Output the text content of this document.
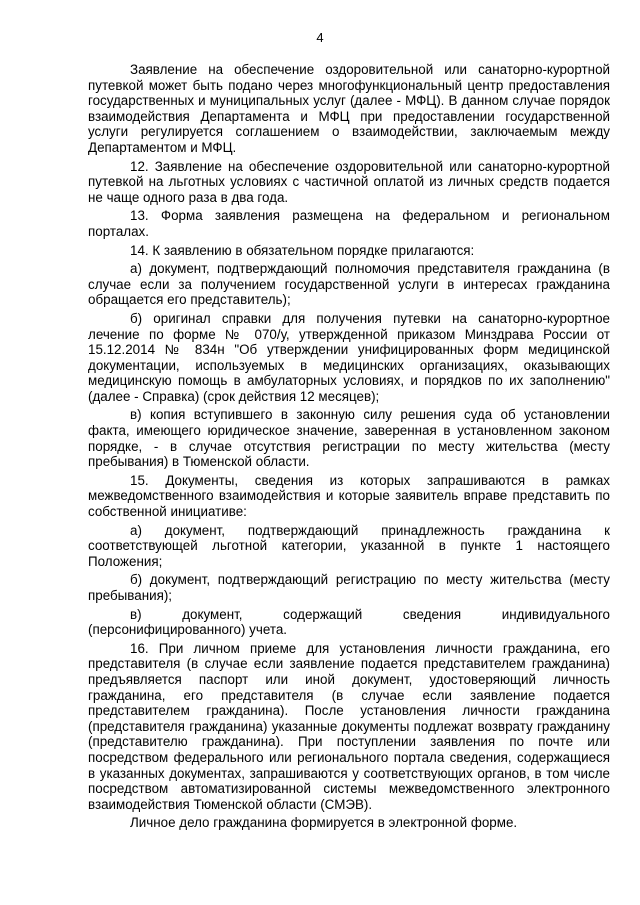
4

Заявление на обеспечение оздоровительной или санаторно-курортной путевкой может быть подано через многофункциональный центр предоставления государственных и муниципальных услуг (далее - МФЦ). В данном случае порядок взаимодействия Департамента и МФЦ при предоставлении государственной услуги регулируется соглашением о взаимодействии, заключаемым между Департаментом и МФЦ.

12. Заявление на обеспечение оздоровительной или санаторно-курортной путевкой на льготных условиях с частичной оплатой из личных средств подается не чаще одного раза в два года.

13. Форма заявления размещена на федеральном и региональном порталах.

14. К заявлению в обязательном порядке прилагаются:

а) документ, подтверждающий полномочия представителя гражданина (в случае если за получением государственной услуги в интересах гражданина обращается его представитель);

б) оригинал справки для получения путевки на санаторно-курортное лечение по форме № 070/у, утвержденной приказом Минздрава России от 15.12.2014 № 834н "Об утверждении унифицированных форм медицинской документации, используемых в медицинских организациях, оказывающих медицинскую помощь в амбулаторных условиях, и порядков по их заполнению" (далее - Справка) (срок действия 12 месяцев);

в) копия вступившего в законную силу решения суда об установлении факта, имеющего юридическое значение, заверенная в установленном законом порядке, - в случае отсутствия регистрации по месту жительства (месту пребывания) в Тюменской области.

15. Документы, сведения из которых запрашиваются в рамках межведомственного взаимодействия и которые заявитель вправе представить по собственной инициативе:

а) документ, подтверждающий принадлежность гражданина к соответствующей льготной категории, указанной в пункте 1 настоящего Положения;

б) документ, подтверждающий регистрацию по месту жительства (месту пребывания);

в) документ, содержащий сведения индивидуального (персонифицированного) учета.

16. При личном приеме для установления личности гражданина, его представителя (в случае если заявление подается представителем гражданина) предъявляется паспорт или иной документ, удостоверяющий личность гражданина, его представителя (в случае если заявление подается представителем гражданина). После установления личности гражданина (представителя гражданина) указанные документы подлежат возврату гражданину (представителю гражданина). При поступлении заявления по почте или посредством федерального или регионального портала сведения, содержащиеся в указанных документах, запрашиваются у соответствующих органов, в том числе посредством автоматизированной системы межведомственного электронного взаимодействия Тюменской области (СМЭВ).

Личное дело гражданина формируется в электронной форме.
